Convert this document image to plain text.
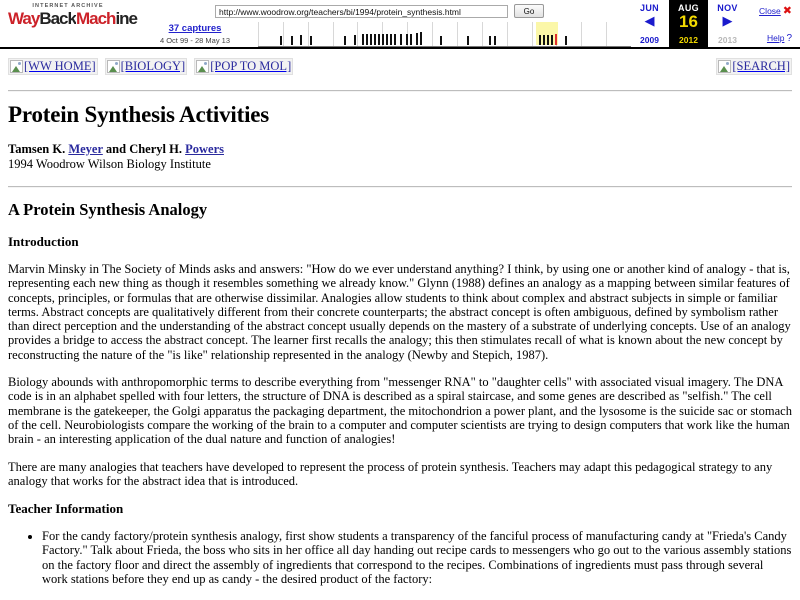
INTERNET ARCHIVE
WayBackMachine
37 captures
4 Oct 99 - 28 May 13
http://www.woodrow.org/teachers/bi/1994/protein_synthesis.html	Go	JUN
◀
2009
AUG
16
2012
NOV
▶
2013
Close ✖
Help ?
[WW HOME] [BIOLOGY] [POP TO MOL]	[SEARCH]
Protein Synthesis Activities

Tamsen K. Meyer and Cheryl H. Powers

1994 Woodrow Wilson Biology Institute

A Protein Synthesis Analogy
Introduction

Marvin Minsky in The Society of Minds asks and answers: "How do we ever understand anything? I think, by using one or another kind of analogy - that is, representing each new thing as though it resembles something we already know." Glynn (1988) defines an analogy as a mapping between similar features of concepts, principles, or formulas that are otherwise dissimilar. Analogies allow students to think about complex and abstract subjects in simple or familiar terms. Abstract concepts are qualitatively different from their concrete counterparts; the abstract concept is often ambiguous, defined by symbolism rather than direct perception and the understanding of the abstract concept usually depends on the mastery of a substrate of underlying concepts. Use of an analogy provides a bridge to access the abstract concept. The learner first recalls the analogy; this then stimulates recall of what is known about the new concept by reconstructing the nature of the "is like" relationship represented in the analogy (Newby and Stepich, 1987).

Biology abounds with anthropomorphic terms to describe everything from "messenger RNA" to "daughter cells" with associated visual imagery. The DNA code is in an alphabet spelled with four letters, the structure of DNA is described as a spiral staircase, and some genes are described as "selfish." The cell membrane is the gatekeeper, the Golgi apparatus the packaging department, the mitochondrion a power plant, and the lysosome is the suicide sac or stomach of the cell. Neurobiologists compare the working of the brain to a computer and computer scientists are trying to design computers that work like the human brain - an interesting application of the dual nature and function of analogies!

There are many analogies that teachers have developed to represent the process of protein synthesis. Teachers may adapt this pedagogical strategy to any analogy that works for the abstract idea that is introduced.

Teacher Information
• For the candy factory/protein synthesis analogy, first show students a transparency of the fanciful process of manufacturing candy at "Frieda's Candy Factory." Talk about Frieda, the boss who sits in her office all day handing out recipe cards to messengers who go out to the various assembly stations on the factory floor and direct the assembly of ingredients that correspond to the recipes. Combinations of ingredients must pass through several work stations before they end up as candy - the desired product of the factory:
